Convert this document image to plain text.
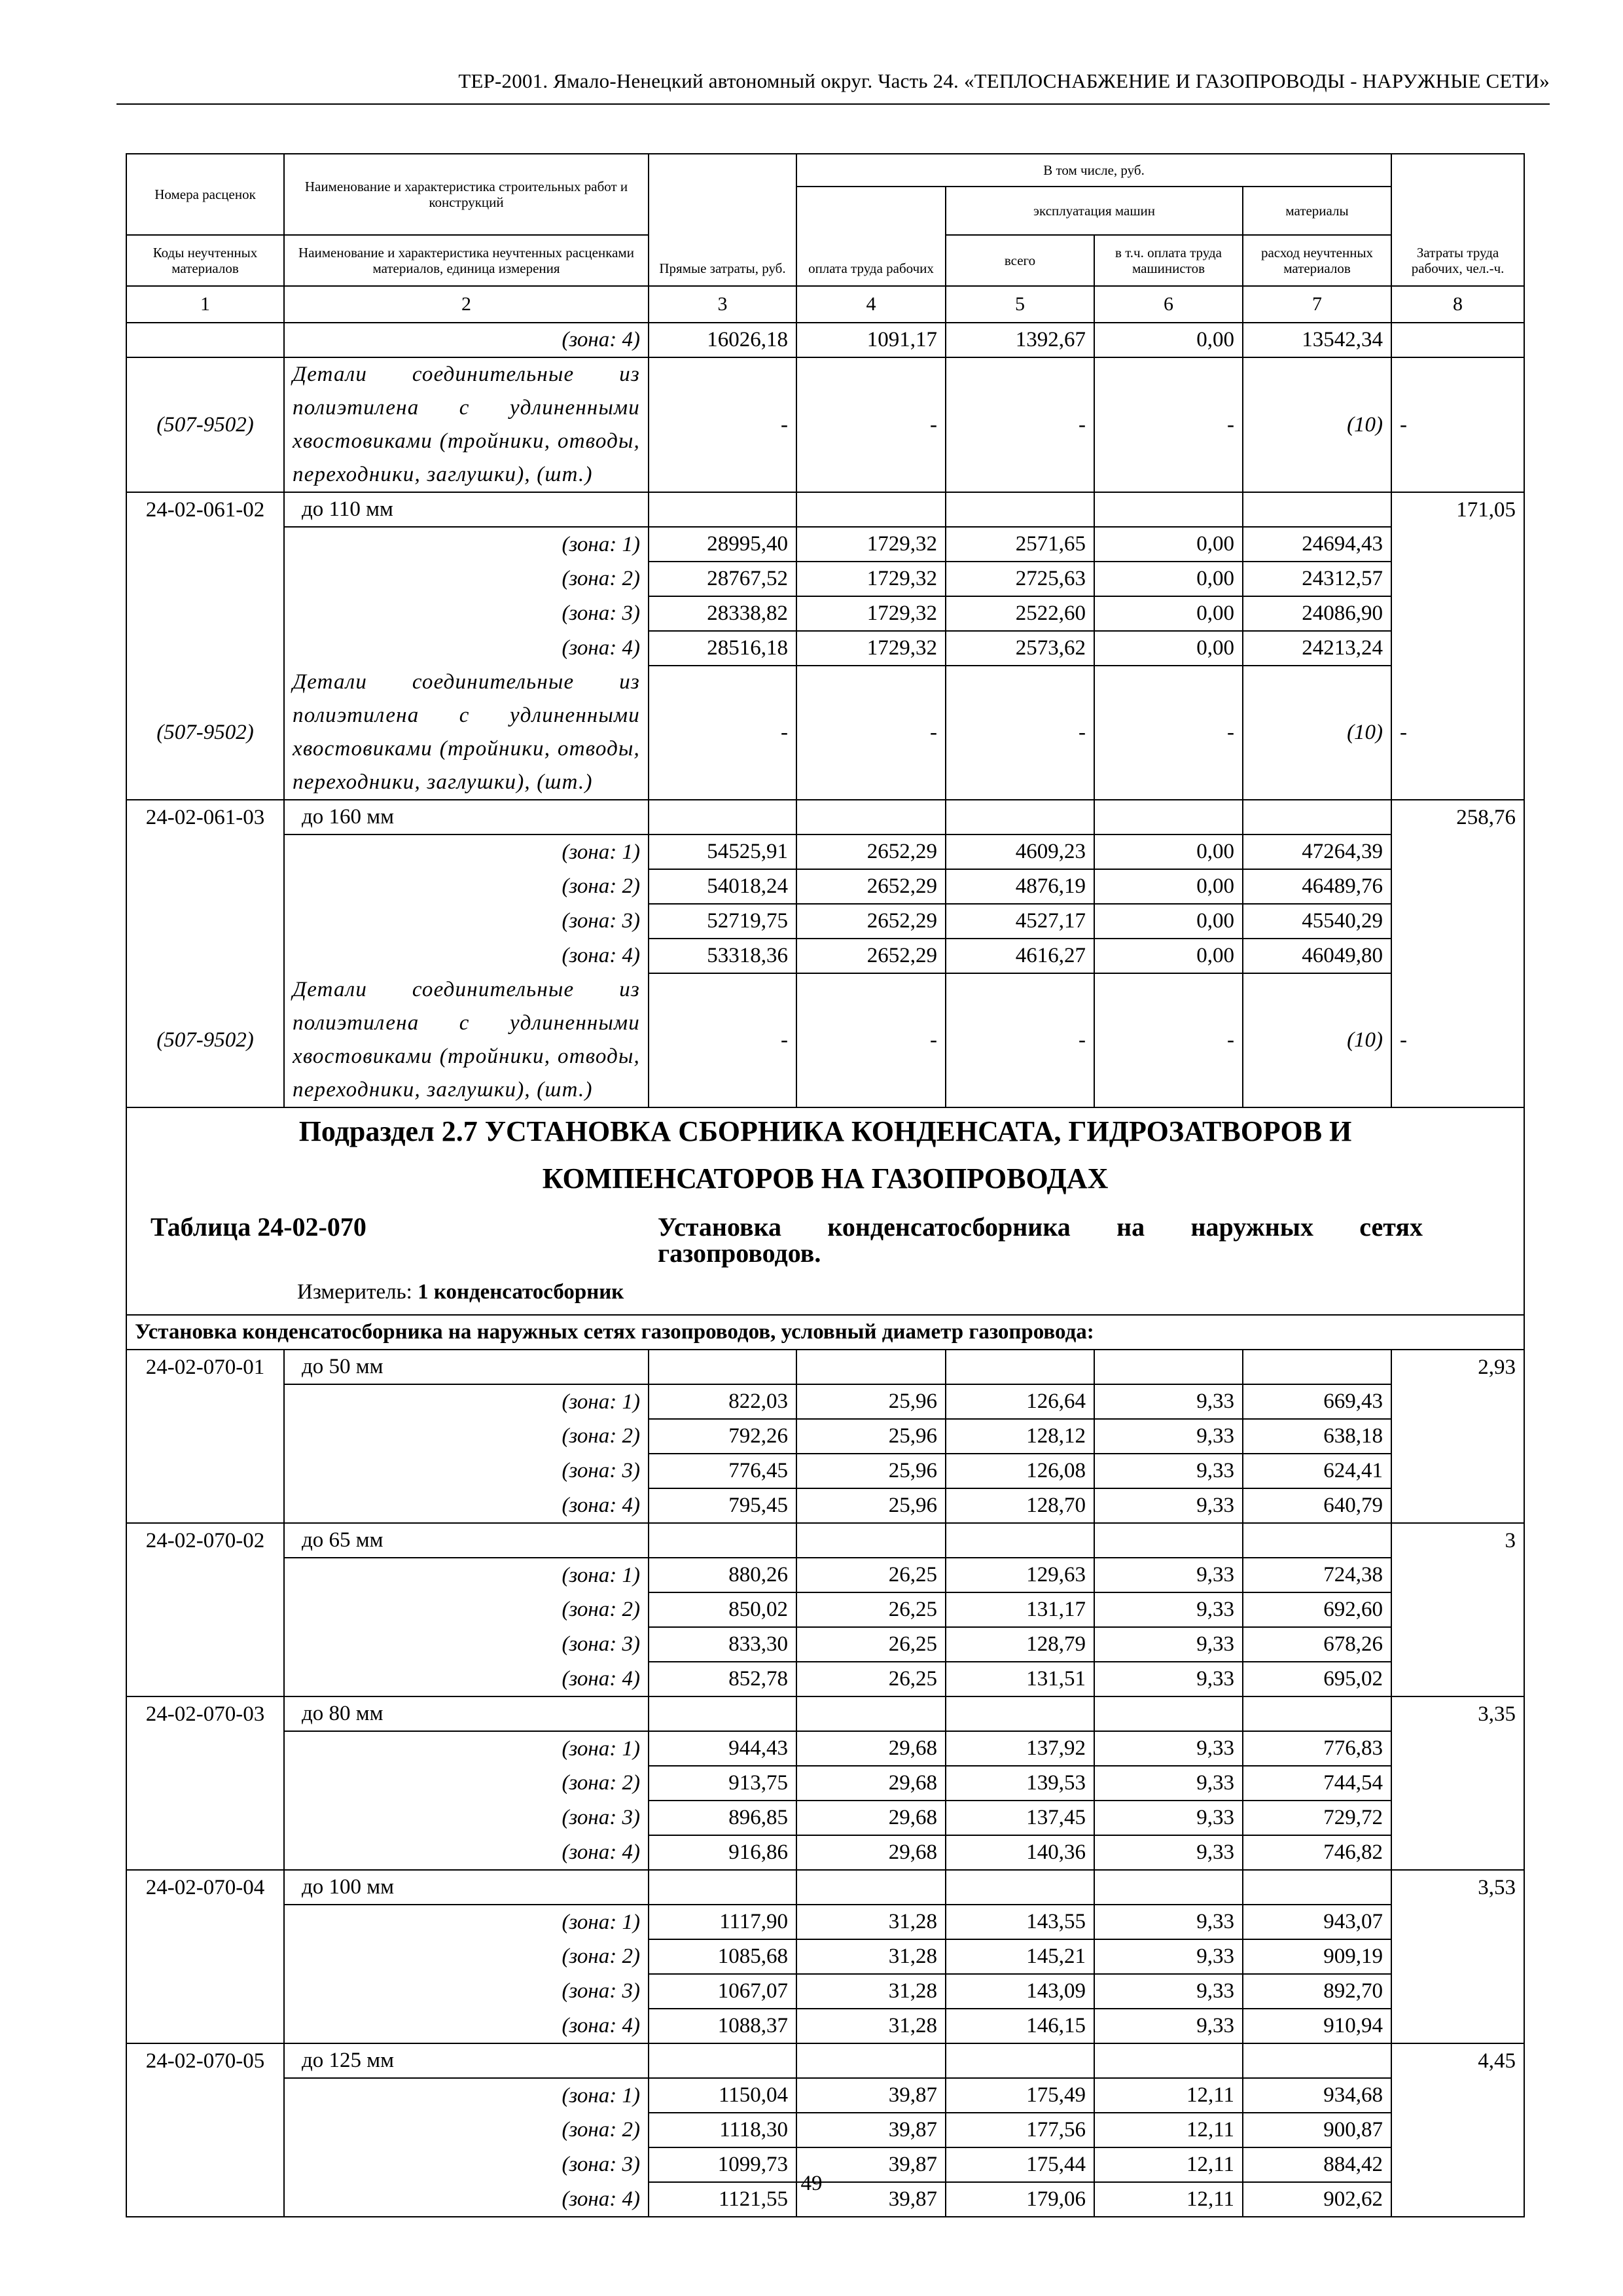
ТЕР-2001. Ямало-Ненецкий автономный округ. Часть 24. «ТЕПЛОСНАБЖЕНИЕ И ГАЗОПРОВОДЫ - НАРУЖНЫЕ СЕТИ»
Номера расценок	Наименование и характеристика строительных работ и конструкций	Прямые затраты, руб.	В том числе, руб.				Затраты труда рабочих, чел.-ч.
			оплата труда рабочих	эксплуатация машин		материалы	
Коды неучтенных материалов	Наименование и характеристика неучтенных расценками материалов, единица измерения			всего	в т.ч. оплата труда машинистов	расход неучтенных материалов	
1	2	3	4	5	6	7	8
	(зона: 4)	16026,18	1091,17	1392,67	0,00	13542,34	
(507-9502)	Детали соединительные из полиэтилена с удлиненными хвостовиками (тройники, отводы, переходники, заглушки), (шт.)	-	-	-	-	(10)	-
24-02-061-02	до 110 мм						171,05
	(зона: 1)	28995,40	1729,32	2571,65	0,00	24694,43	
	(зона: 2)	28767,52	1729,32	2725,63	0,00	24312,57	
	(зона: 3)	28338,82	1729,32	2522,60	0,00	24086,90	
	(зона: 4)	28516,18	1729,32	2573,62	0,00	24213,24	
(507-9502)	Детали соединительные из полиэтилена с удлиненными хвостовиками (тройники, отводы, переходники, заглушки), (шт.)	-	-	-	-	(10)	-
24-02-061-03	до 160 мм						258,76
	(зона: 1)	54525,91	2652,29	4609,23	0,00	47264,39	
	(зона: 2)	54018,24	2652,29	4876,19	0,00	46489,76	
	(зона: 3)	52719,75	2652,29	4527,17	0,00	45540,29	
	(зона: 4)	53318,36	2652,29	4616,27	0,00	46049,80	
(507-9502)	Детали соединительные из полиэтилена с удлиненными хвостовиками (тройники, отводы, переходники, заглушки), (шт.)	-	-	-	-	(10)	-

Подраздел 2.7 УСТАНОВКА СБОРНИКА КОНДЕНСАТА, ГИДРОЗАТВОРОВ И
КОМПЕНСАТОРОВ НА ГАЗОПРОВОДАХ
Таблица 24-02-070 Установка конденсатосборника на наружных сетях газопроводов.
Измеритель: 1 конденсатосборник							

Установка конденсатосборника на наружных сетях газопроводов, условный диаметр газопровода:							
24-02-070-01	до 50 мм						2,93
	(зона: 1)	822,03	25,96	126,64	9,33	669,43	
	(зона: 2)	792,26	25,96	128,12	9,33	638,18	
	(зона: 3)	776,45	25,96	126,08	9,33	624,41	
	(зона: 4)	795,45	25,96	128,70	9,33	640,79	
24-02-070-02	до 65 мм						3
	(зона: 1)	880,26	26,25	129,63	9,33	724,38	
	(зона: 2)	850,02	26,25	131,17	9,33	692,60	
	(зона: 3)	833,30	26,25	128,79	9,33	678,26	
	(зона: 4)	852,78	26,25	131,51	9,33	695,02	
24-02-070-03	до 80 мм						3,35
	(зона: 1)	944,43	29,68	137,92	9,33	776,83	
	(зона: 2)	913,75	29,68	139,53	9,33	744,54	
	(зона: 3)	896,85	29,68	137,45	9,33	729,72	
	(зона: 4)	916,86	29,68	140,36	9,33	746,82	
24-02-070-04	до 100 мм						3,53
	(зона: 1)	1117,90	31,28	143,55	9,33	943,07	
	(зона: 2)	1085,68	31,28	145,21	9,33	909,19	
	(зона: 3)	1067,07	31,28	143,09	9,33	892,70	
	(зона: 4)	1088,37	31,28	146,15	9,33	910,94	
24-02-070-05	до 125 мм						4,45
	(зона: 1)	1150,04	39,87	175,49	12,11	934,68	
	(зона: 2)	1118,30	39,87	177,56	12,11	900,87	
	(зона: 3)	1099,73	39,87	175,44	12,11	884,42	
	(зона: 4)	1121,55	39,87	179,06	12,11	902,62	
49
